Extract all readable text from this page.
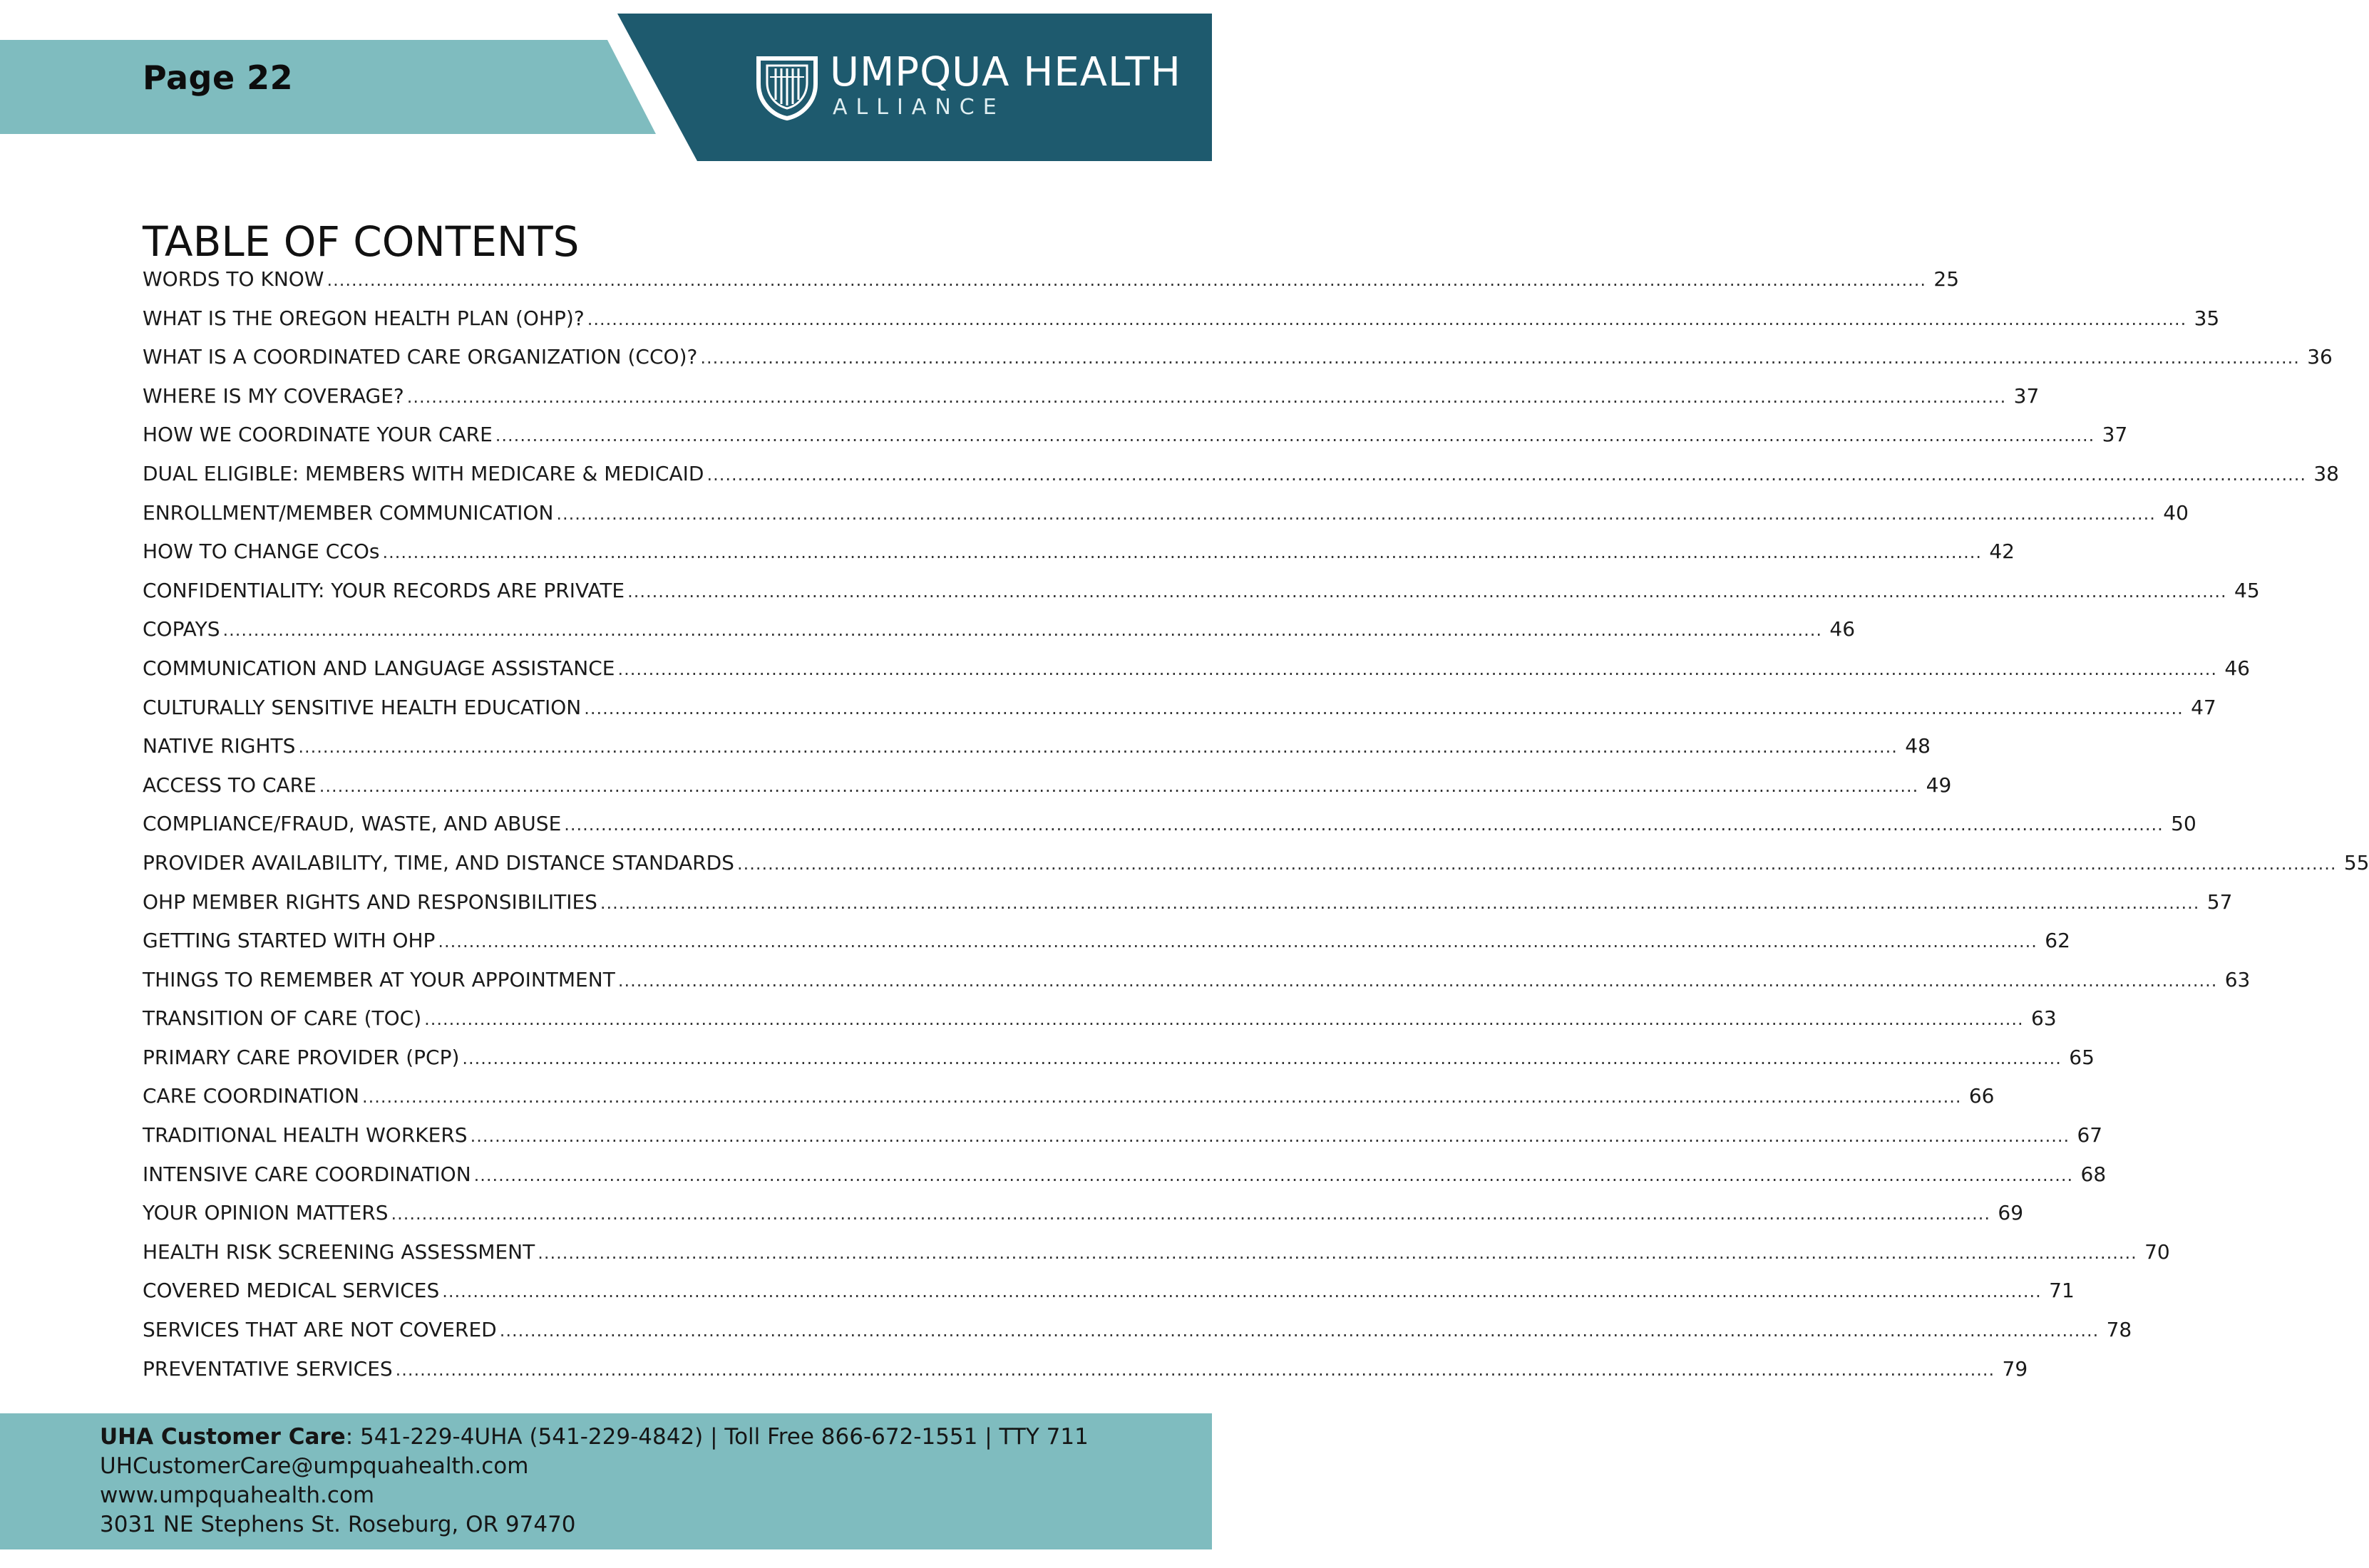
Page 22	UMPQUA HEALTH
ALLIANCE
TABLE OF CONTENTS
WORDS TO KNOW .................................................................................................................................................................................................................................................................... 25
WHAT IS THE OREGON HEALTH PLAN (OHP)? .................................................................................................................................................................................................................................................................... 35
WHAT IS A COORDINATED CARE ORGANIZATION (CCO)? .................................................................................................................................................................................................................................................................... 36
WHERE IS MY COVERAGE? .................................................................................................................................................................................................................................................................... 37
HOW WE COORDINATE YOUR CARE .................................................................................................................................................................................................................................................................... 37
DUAL ELIGIBLE: MEMBERS WITH MEDICARE & MEDICAID .................................................................................................................................................................................................................................................................... 38
ENROLLMENT/MEMBER COMMUNICATION .................................................................................................................................................................................................................................................................... 40
HOW TO CHANGE CCOs .................................................................................................................................................................................................................................................................... 42
CONFIDENTIALITY: YOUR RECORDS ARE PRIVATE .................................................................................................................................................................................................................................................................... 45
COPAYS .................................................................................................................................................................................................................................................................... 46
COMMUNICATION AND LANGUAGE ASSISTANCE .................................................................................................................................................................................................................................................................... 46
CULTURALLY SENSITIVE HEALTH EDUCATION .................................................................................................................................................................................................................................................................... 47
NATIVE RIGHTS .................................................................................................................................................................................................................................................................... 48
ACCESS TO CARE .................................................................................................................................................................................................................................................................... 49
COMPLIANCE/FRAUD, WASTE, AND ABUSE .................................................................................................................................................................................................................................................................... 50
PROVIDER AVAILABILITY, TIME, AND DISTANCE STANDARDS .................................................................................................................................................................................................................................................................... 55
OHP MEMBER RIGHTS AND RESPONSIBILITIES .................................................................................................................................................................................................................................................................... 57
GETTING STARTED WITH OHP .................................................................................................................................................................................................................................................................... 62
THINGS TO REMEMBER AT YOUR APPOINTMENT .................................................................................................................................................................................................................................................................... 63
TRANSITION OF CARE (TOC) .................................................................................................................................................................................................................................................................... 63
PRIMARY CARE PROVIDER (PCP) .................................................................................................................................................................................................................................................................... 65
CARE COORDINATION .................................................................................................................................................................................................................................................................... 66
TRADITIONAL HEALTH WORKERS .................................................................................................................................................................................................................................................................... 67
INTENSIVE CARE COORDINATION .................................................................................................................................................................................................................................................................... 68
YOUR OPINION MATTERS .................................................................................................................................................................................................................................................................... 69
HEALTH RISK SCREENING ASSESSMENT .................................................................................................................................................................................................................................................................... 70
COVERED MEDICAL SERVICES .................................................................................................................................................................................................................................................................... 71
SERVICES THAT ARE NOT COVERED .................................................................................................................................................................................................................................................................... 78
PREVENTATIVE SERVICES .................................................................................................................................................................................................................................................................... 79
UHA Customer Care: 541-229-4UHA (541-229-4842) | Toll Free 866-672-1551 | TTY 711
UHCustomerCare@umpquahealth.com
www.umpquahealth.com
3031 NE Stephens St. Roseburg, OR 97470
